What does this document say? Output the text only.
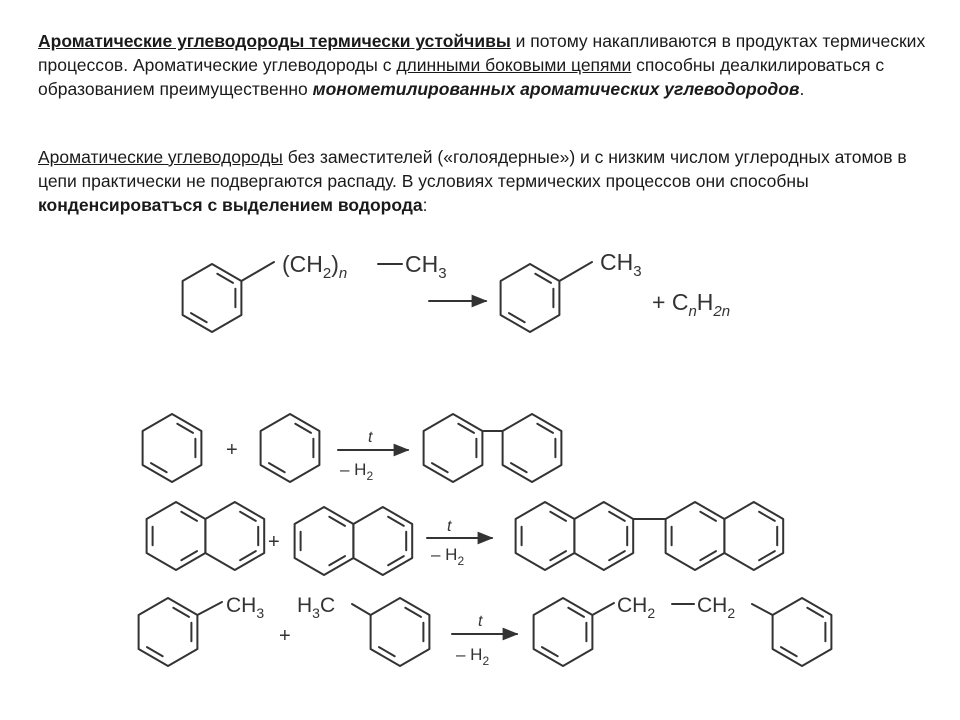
Ароматические углеводороды термически устойчивы и потому накапливаются в продуктах термических процессов. Ароматические углеводороды с длинными боковыми цепями способны деалкилироваться с образованием преимущественно монометилированных ароматических углеводородов.
Ароматические углеводороды без заместителей («голоядерные») и с низким числом углеродных атомов в цепи практически не подвергаются распаду. В условиях термических процессов они способны конденсироватъся с выделением водорода:
$(CH_2)_n$	$CH_3$	$CH_3$
+ $C_nH_{2n}$
+
t
– $H_2$
+
t
– $H_2$
$CH_3$
+
$H_3C$
t
– $H_2$
$CH_2$ $CH_2$
